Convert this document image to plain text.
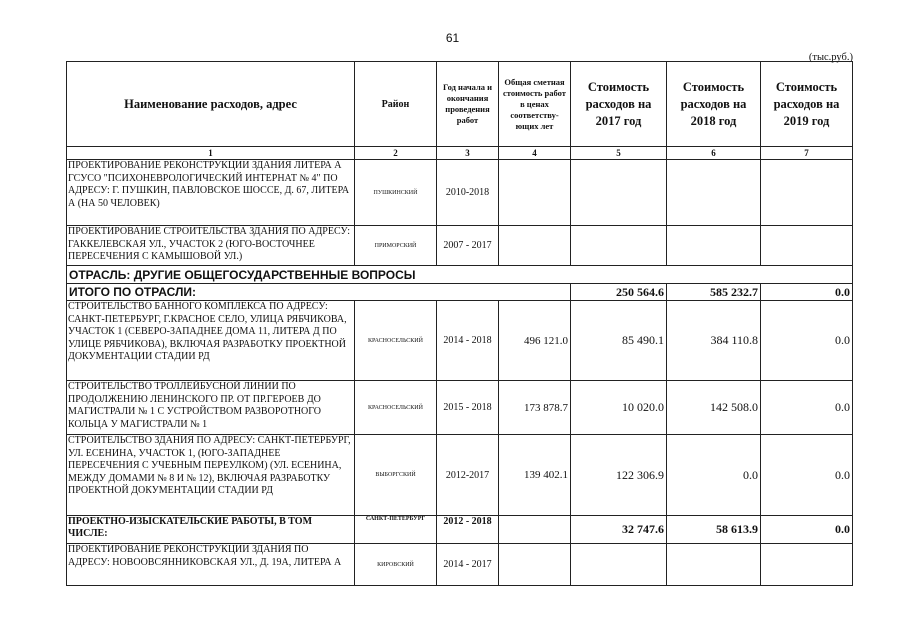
61
(тыс.руб.)
Наименование расходов, адрес	Район	Год начала и окончания проведения работ	Общая сметная стоимость работ в ценах соответству-ющих лет	Стоимость расходов на 2017 год	Стоимость расходов на 2018 год	Стоимость расходов на 2019 год
1	2	3	4	5	6	7
ПРОЕКТИРОВАНИЕ РЕКОНСТРУКЦИИ ЗДАНИЯ ЛИТЕРА А ГСУСО "ПСИХОНЕВРОЛОГИЧЕСКИЙ ИНТЕРНАТ № 4" ПО АДРЕСУ: Г. ПУШКИН, ПАВЛОВСКОЕ ШОССЕ, Д. 67, ЛИТЕРА А (НА 50 ЧЕЛОВЕК)	ПУШКИНСКИЙ	2010-2018				
ПРОЕКТИРОВАНИЕ СТРОИТЕЛЬСТВА ЗДАНИЯ ПО АДРЕСУ: ГАККЕЛЕВСКАЯ УЛ., УЧАСТОК 2 (ЮГО-ВОСТОЧНЕЕ ПЕРЕСЕЧЕНИЯ С КАМЫШОВОЙ УЛ.)	ПРИМОРСКИЙ	2007 - 2017				
ОТРАСЛЬ: ДРУГИЕ ОБЩЕГОСУДАРСТВЕННЫЕ ВОПРОСЫ						
ИТОГО ПО ОТРАСЛИ:				250 564.6	585 232.7	0.0
СТРОИТЕЛЬСТВО БАННОГО КОМПЛЕКСА ПО АДРЕСУ: САНКТ-ПЕТЕРБУРГ, Г.КРАСНОЕ СЕЛО, УЛИЦА РЯБЧИКОВА, УЧАСТОК 1 (СЕВЕРО-ЗАПАДНЕЕ ДОМА 11, ЛИТЕРА Д ПО УЛИЦЕ РЯБЧИКОВА), ВКЛЮЧАЯ РАЗРАБОТКУ ПРОЕКТНОЙ ДОКУМЕНТАЦИИ СТАДИИ РД	КРАСНОСЕЛЬСКИЙ	2014 - 2018	496 121.0	85 490.1	384 110.8	0.0
СТРОИТЕЛЬСТВО ТРОЛЛЕЙБУСНОЙ ЛИНИИ ПО ПРОДОЛЖЕНИЮ ЛЕНИНСКОГО ПР. ОТ ПР.ГЕРОЕВ ДО МАГИСТРАЛИ № 1 С УСТРОЙСТВОМ РАЗВОРОТНОГО КОЛЬЦА У МАГИСТРАЛИ № 1	КРАСНОСЕЛЬСКИЙ	2015 - 2018	173 878.7	10 020.0	142 508.0	0.0
СТРОИТЕЛЬСТВО ЗДАНИЯ ПО АДРЕСУ: САНКТ-ПЕТЕРБУРГ, УЛ. ЕСЕНИНА, УЧАСТОК 1, (ЮГО-ЗАПАДНЕЕ ПЕРЕСЕЧЕНИЯ С УЧЕБНЫМ ПЕРЕУЛКОМ) (УЛ. ЕСЕНИНА, МЕЖДУ ДОМАМИ № 8 И № 12), ВКЛЮЧАЯ РАЗРАБОТКУ ПРОЕКТНОЙ ДОКУМЕНТАЦИИ СТАДИИ РД	ВЫБОРГСКИЙ	2012-2017	139 402.1	122 306.9	0.0	0.0
ПРОЕКТНО-ИЗЫСКАТЕЛЬСКИЕ РАБОТЫ, В ТОМ ЧИСЛЕ:	САНКТ-ПЕТЕРБУРГ	2012 - 2018		32 747.6	58 613.9	0.0
ПРОЕКТИРОВАНИЕ РЕКОНСТРУКЦИИ ЗДАНИЯ ПО АДРЕСУ: НОВООВСЯННИКОВСКАЯ УЛ., Д. 19А, ЛИТЕРА А	КИРОВСКИЙ	2014 - 2017				
